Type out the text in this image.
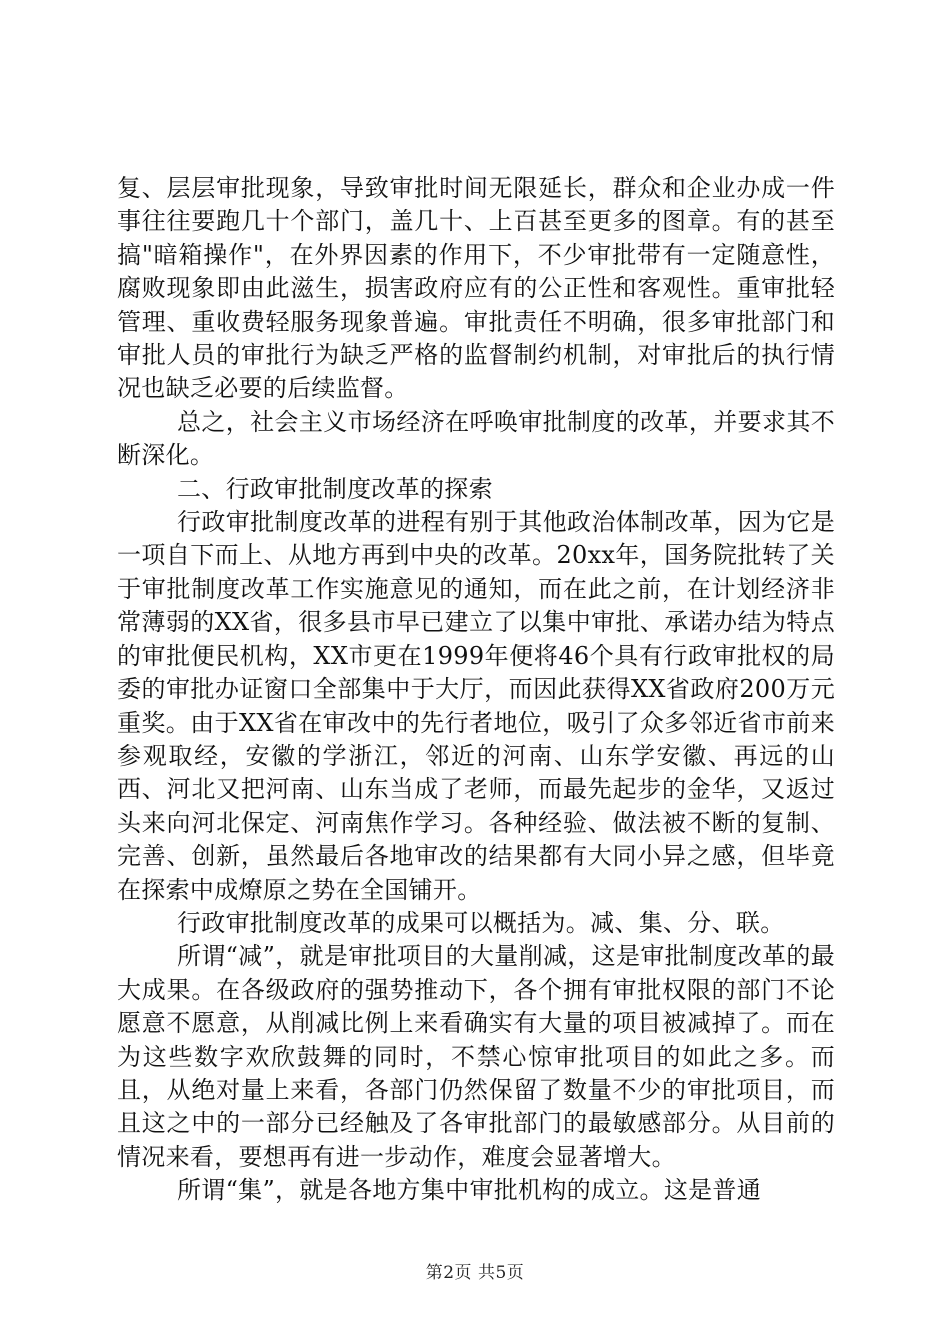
复、层层审批现象，导致审批时间无限延长，群众和企业办成一件事往往要跑几十个部门，盖几十、上百甚至更多的图章。有的甚至搞"暗箱操作"，在外界因素的作用下，不少审批带有一定随意性，腐败现象即由此滋生，损害政府应有的公正性和客观性。重审批轻管理、重收费轻服务现象普遍。审批责任不明确，很多审批部门和审批人员的审批行为缺乏严格的监督制约机制，对审批后的执行情况也缺乏必要的后续监督。

总之，社会主义市场经济在呼唤审批制度的改革，并要求其不断深化。

二、行政审批制度改革的探索

行政审批制度改革的进程有别于其他政治体制改革，因为它是一项自下而上、从地方再到中央的改革。20xx年，国务院批转了关于审批制度改革工作实施意见的通知，而在此之前，在计划经济非常薄弱的XX省，很多县市早已建立了以集中审批、承诺办结为特点的审批便民机构，XX市更在1999年便将46个具有行政审批权的局委的审批办证窗口全部集中于大厅，而因此获得XX省政府200万元重奖。由于XX省在审改中的先行者地位，吸引了众多邻近省市前来参观取经，安徽的学浙江，邻近的河南、山东学安徽、再远的山西、河北又把河南、山东当成了老师，而最先起步的金华，又返过头来向河北保定、河南焦作学习。各种经验、做法被不断的复制、完善、创新，虽然最后各地审改的结果都有大同小异之感，但毕竟在探索中成燎原之势在全国铺开。

行政审批制度改革的成果可以概括为。减、集、分、联。

所谓“减”，就是审批项目的大量削减，这是审批制度改革的最大成果。在各级政府的强势推动下，各个拥有审批权限的部门不论愿意不愿意，从削减比例上来看确实有大量的项目被减掉了。而在为这些数字欢欣鼓舞的同时，不禁心惊审批项目的如此之多。而且，从绝对量上来看，各部门仍然保留了数量不少的审批项目，而且这之中的一部分已经触及了各审批部门的最敏感部分。从目前的情况来看，要想再有进一步动作，难度会显著增大。

所谓“集”，就是各地方集中审批机构的成立。这是普通

第2页 共5页
